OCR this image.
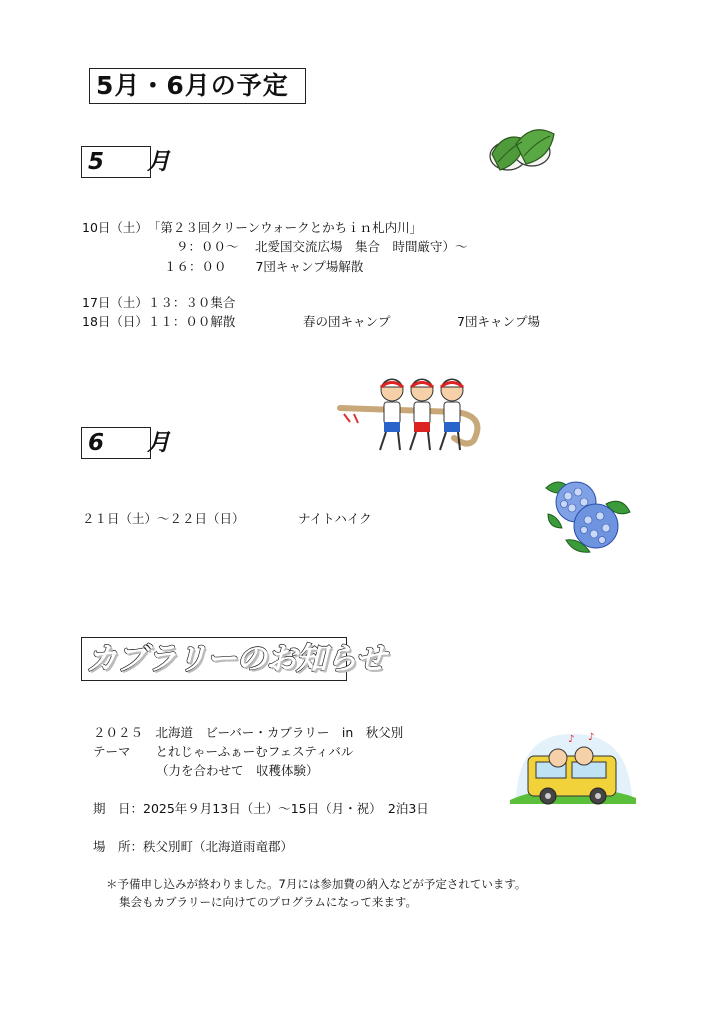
5月・6月の予定
5　月
6　月
カブラリーのお知らせ
10日（土）　「第２３回クリーンウォークとかちｉｎ札内川」
９：００～　 北愛国交流広場　集合　時間厳守）～
１６：００　　 7団キャンプ場解散
17日（土）１３：３０集合
18日（日）１１：００解散	春の団キャンプ	7団キャンプ場
２１日（土）～２２日（日）	ナイトハイク
２０２５　北海道　ビーバー・カブラリー　in　秋父別
テーマ　　とれじゃーふぁーむフェスティバル
（力を合わせて　収穫体験）
期　日：2025年９月13日（土）～15日（月・祝）　2泊3日
場　所：秩父別町（北海道雨竜郡）
＊予備申し込みが終わりました。7月には参加費の納入などが予定されています。
集会もカブラリーに向けてのプログラムになって来ます。
♪ ♪
